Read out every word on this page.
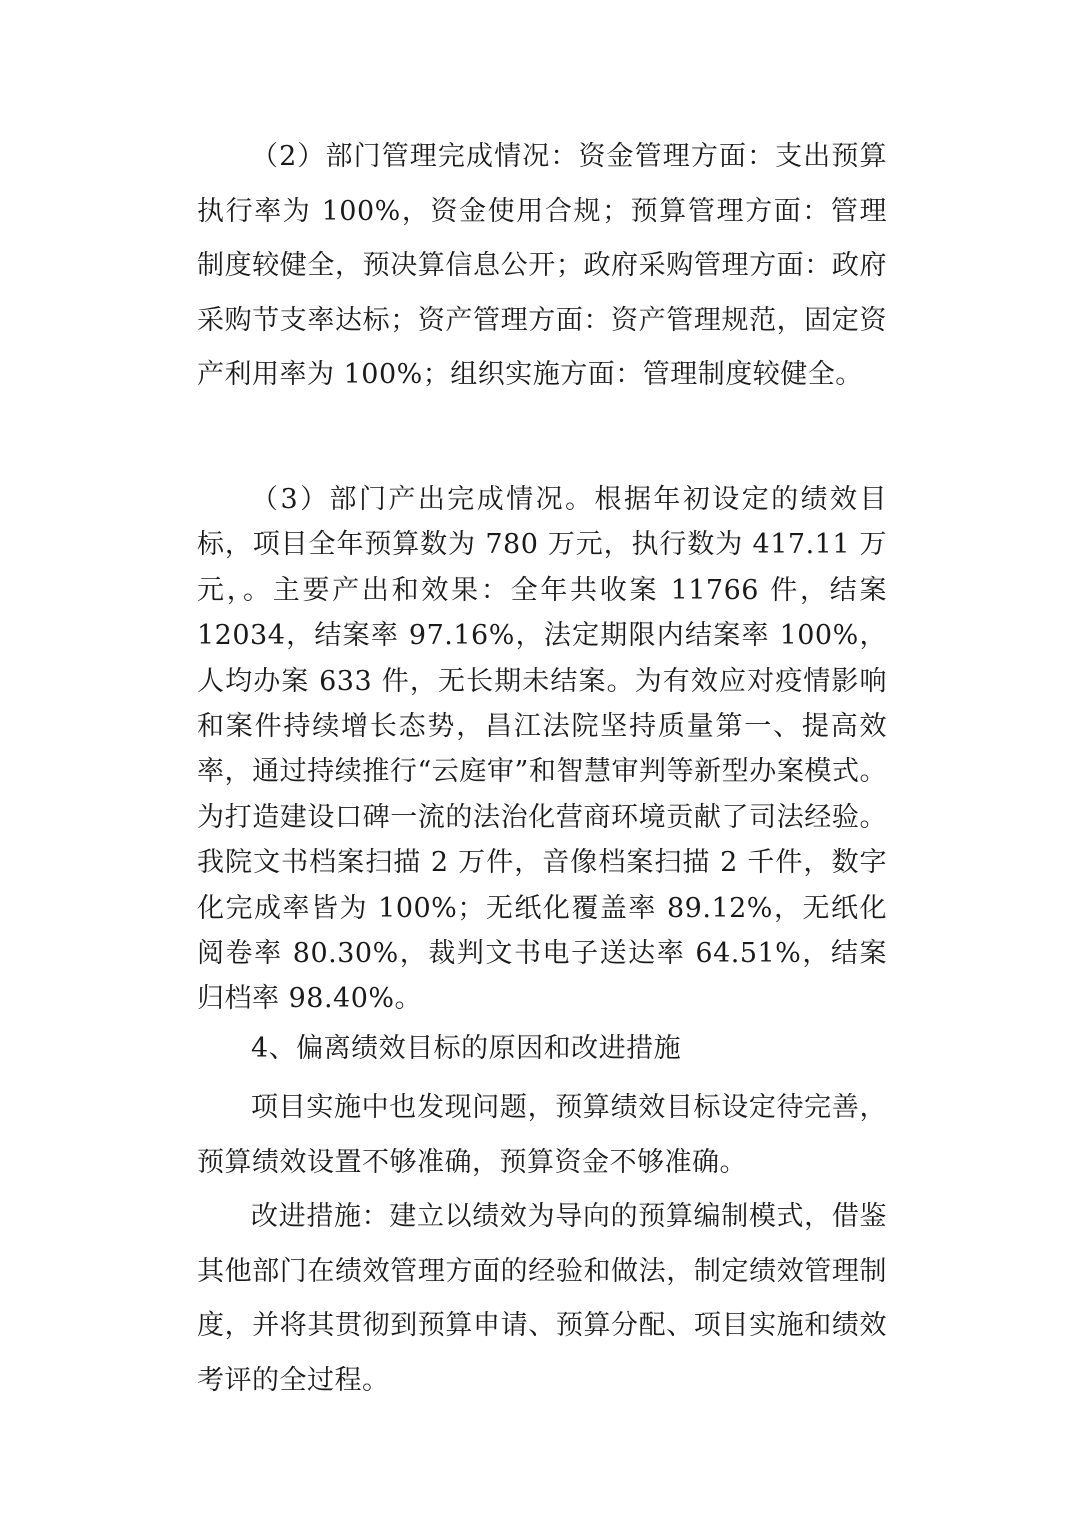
（2）部门管理完成情况：资金管理方面：支出预算执行率为 100%，资金使用合规；预算管理方面：管理制度较健全，预决算信息公开；政府采购管理方面：政府采购节支率达标；资产管理方面：资产管理规范，固定资产利用率为 100%；组织实施方面：管理制度较健全。

（3）部门产出完成情况。根据年初设定的绩效目标，项目全年预算数为 780 万元，执行数为 417.11 万元，。主要产出和效果：全年共收案 11766 件，结案 12034，结案率 97.16%，法定期限内结案率 100%，人均办案 633 件，无长期未结案。为有效应对疫情影响和案件持续增长态势，昌江法院坚持质量第一、提高效率，通过持续推行“云庭审”和智慧审判等新型办案模式。为打造建设口碑一流的法治化营商环境贡献了司法经验。我院文书档案扫描 2 万件，音像档案扫描 2 千件，数字化完成率皆为 100%；无纸化覆盖率 89.12%，无纸化阅卷率 80.30%，裁判文书电子送达率 64.51%，结案归档率 98.40%。

4、偏离绩效目标的原因和改进措施

项目实施中也发现问题，预算绩效目标设定待完善，预算绩效设置不够准确，预算资金不够准确。

改进措施：建立以绩效为导向的预算编制模式，借鉴其他部门在绩效管理方面的经验和做法，制定绩效管理制度，并将其贯彻到预算申请、预算分配、项目实施和绩效考评的全过程。
